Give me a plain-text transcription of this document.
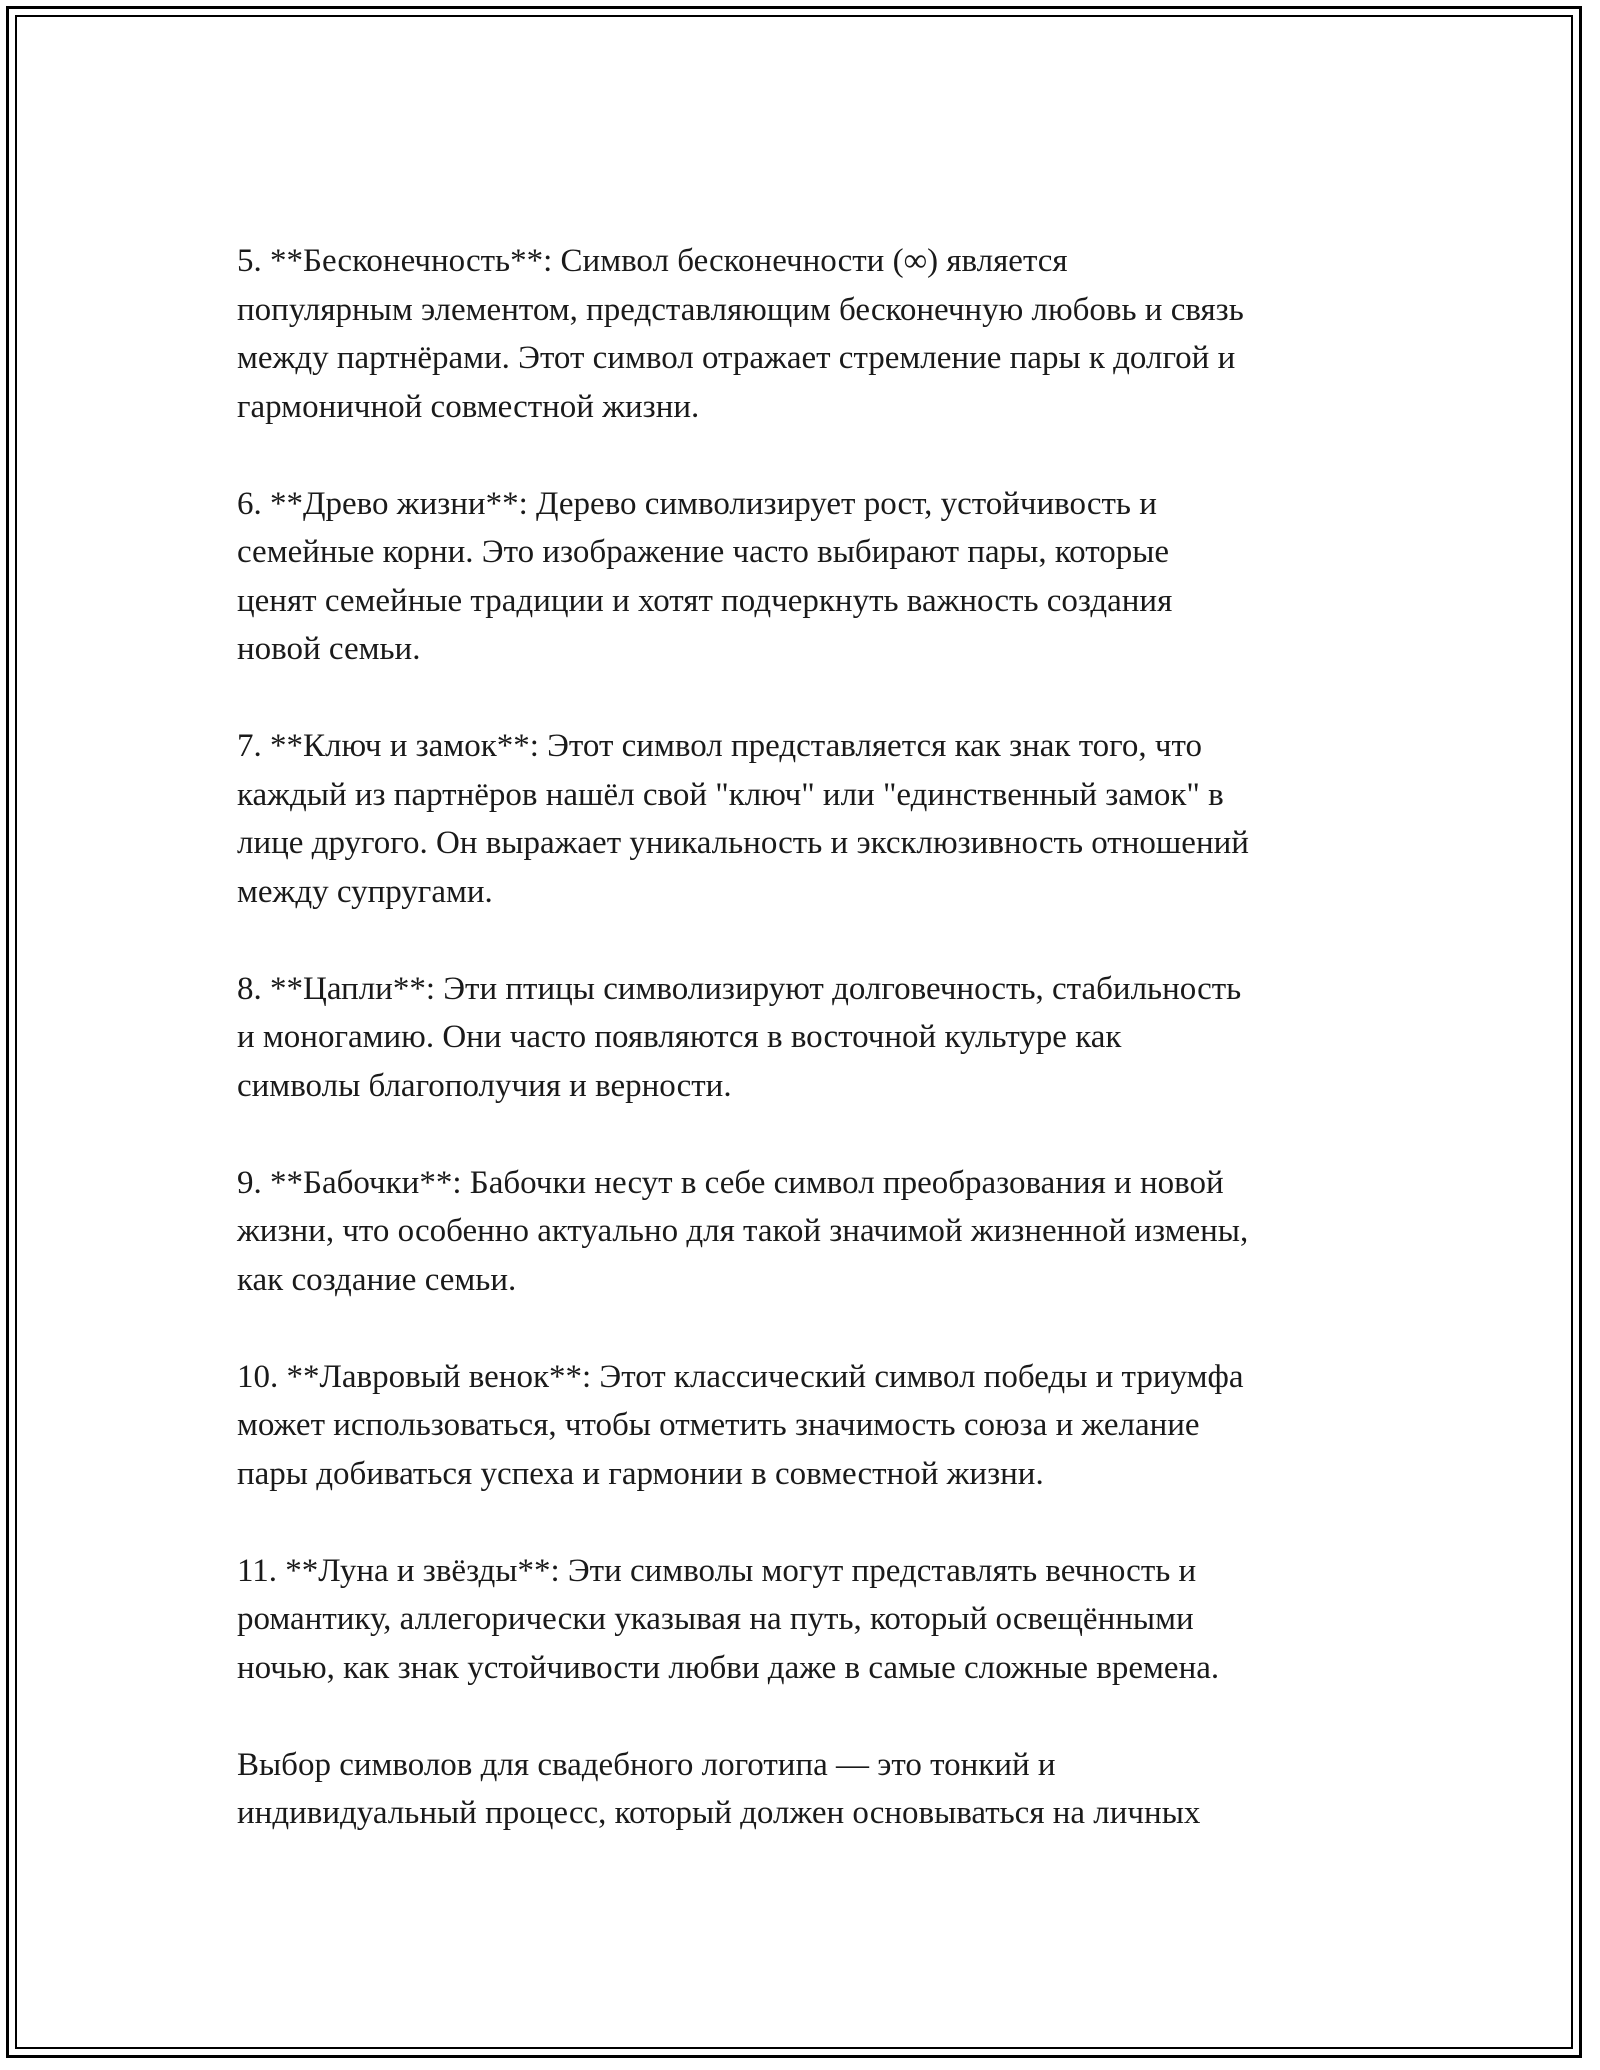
5. **Бесконечность**: Символ бесконечности (∞) является
популярным элементом, представляющим бесконечную любовь и связь
между партнёрами. Этот символ отражает стремление пары к долгой и
гармоничной совместной жизни.

6. **Древо жизни**: Дерево символизирует рост, устойчивость и
семейные корни. Это изображение часто выбирают пары, которые
ценят семейные традиции и хотят подчеркнуть важность создания
новой семьи.

7. **Ключ и замок**: Этот символ представляется как знак того, что
каждый из партнёров нашёл свой "ключ" или "единственный замок" в
лице другого. Он выражает уникальность и эксклюзивность отношений
между супругами.

8. **Цапли**: Эти птицы символизируют долговечность, стабильность
и моногамию. Они часто появляются в восточной культуре как
символы благополучия и верности.

9. **Бабочки**: Бабочки несут в себе символ преобразования и новой
жизни, что особенно актуально для такой значимой жизненной измены,
как создание семьи.

10. **Лавровый венок**: Этот классический символ победы и триумфа
может использоваться, чтобы отметить значимость союза и желание
пары добиваться успеха и гармонии в совместной жизни.

11. **Луна и звёзды**: Эти символы могут представлять вечность и
романтику, аллегорически указывая на путь, который освещёнными
ночью, как знак устойчивости любви даже в самые сложные времена.

Выбор символов для свадебного логотипа — это тонкий и
индивидуальный процесс, который должен основываться на личных
